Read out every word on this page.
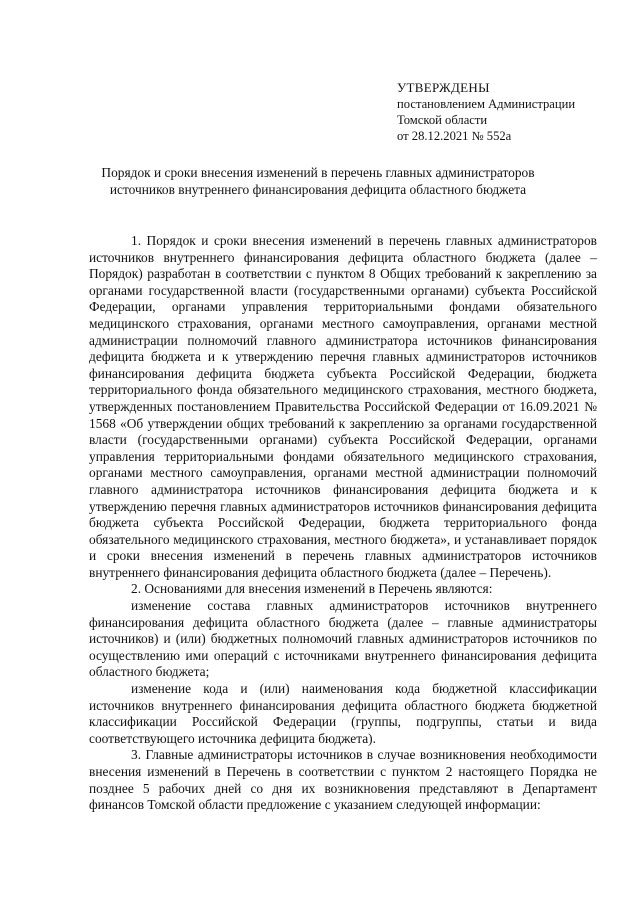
УТВЕРЖДЕНЫ
постановлением Администрации
Томской области
от 28.12.2021 № 552а
Порядок и сроки внесения изменений в перечень главных администраторов источников внутреннего финансирования дефицита областного бюджета

1. Порядок и сроки внесения изменений в перечень главных администраторов источников внутреннего финансирования дефицита областного бюджета (далее – Порядок) разработан в соответствии с пунктом 8 Общих требований к закреплению за органами государственной власти (государственными органами) субъекта Российской Федерации, органами управления территориальными фондами обязательного медицинского страхования, органами местного самоуправления, органами местной администрации полномочий главного администратора источников финансирования дефицита бюджета и к утверждению перечня главных администраторов источников финансирования дефицита бюджета субъекта Российской Федерации, бюджета территориального фонда обязательного медицинского страхования, местного бюджета, утвержденных постановлением Правительства Российской Федерации от 16.09.2021 № 1568 «Об утверждении общих требований к закреплению за органами государственной власти (государственными органами) субъекта Российской Федерации, органами управления территориальными фондами обязательного медицинского страхования, органами местного самоуправления, органами местной администрации полномочий главного администратора источников финансирования дефицита бюджета и к утверждению перечня главных администраторов источников финансирования дефицита бюджета субъекта Российской Федерации, бюджета территориального фонда обязательного медицинского страхования, местного бюджета», и устанавливает порядок и сроки внесения изменений в перечень главных администраторов источников внутреннего финансирования дефицита областного бюджета (далее – Перечень).

2. Основаниями для внесения изменений в Перечень являются:

изменение состава главных администраторов источников внутреннего финансирования дефицита областного бюджета (далее – главные администраторы источников) и (или) бюджетных полномочий главных администраторов источников по осуществлению ими операций с источниками внутреннего финансирования дефицита областного бюджета;

изменение кода и (или) наименования кода бюджетной классификации источников внутреннего финансирования дефицита областного бюджета бюджетной классификации Российской Федерации (группы, подгруппы, статьи и вида соответствующего источника дефицита бюджета).

3. Главные администраторы источников в случае возникновения необходимости внесения изменений в Перечень в соответствии с пунктом 2 настоящего Порядка не позднее 5 рабочих дней со дня их возникновения представляют в Департамент финансов Томской области предложение с указанием следующей информации:
